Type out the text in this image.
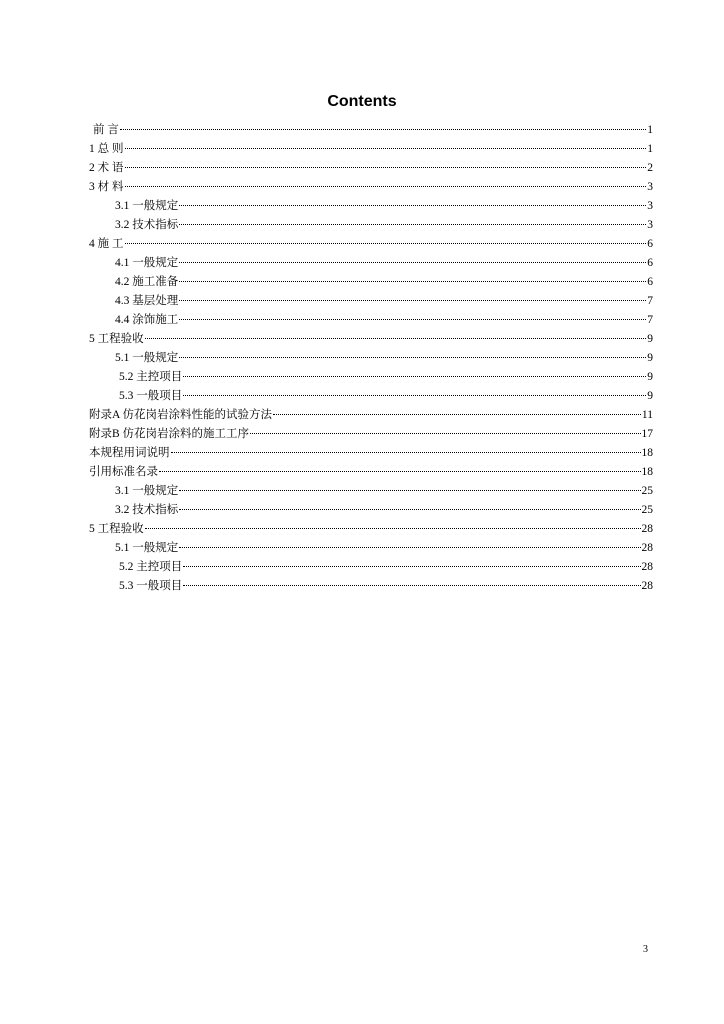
Contents
前 言	1
1 总 则	1
2 术 语	2
3 材 料	3
3.1 一般规定	3
3.2 技术指标	3
4 施 工	6
4.1 一般规定	6
4.2 施工准备	6
4.3 基层处理	7
4.4 涂饰施工	7
5 工程验收	9
5.1 一般规定	9
5.2 主控项目	9
5.3 一般项目	9
附录A 仿花岗岩涂料性能的试验方法	11
附录B 仿花岗岩涂料的施工工序	17
本规程用词说明	18
引用标准名录	18
3.1 一般规定	25
3.2 技术指标	25
5 工程验收	28
5.1 一般规定	28
5.2 主控项目	28
5.3 一般项目	28
3
